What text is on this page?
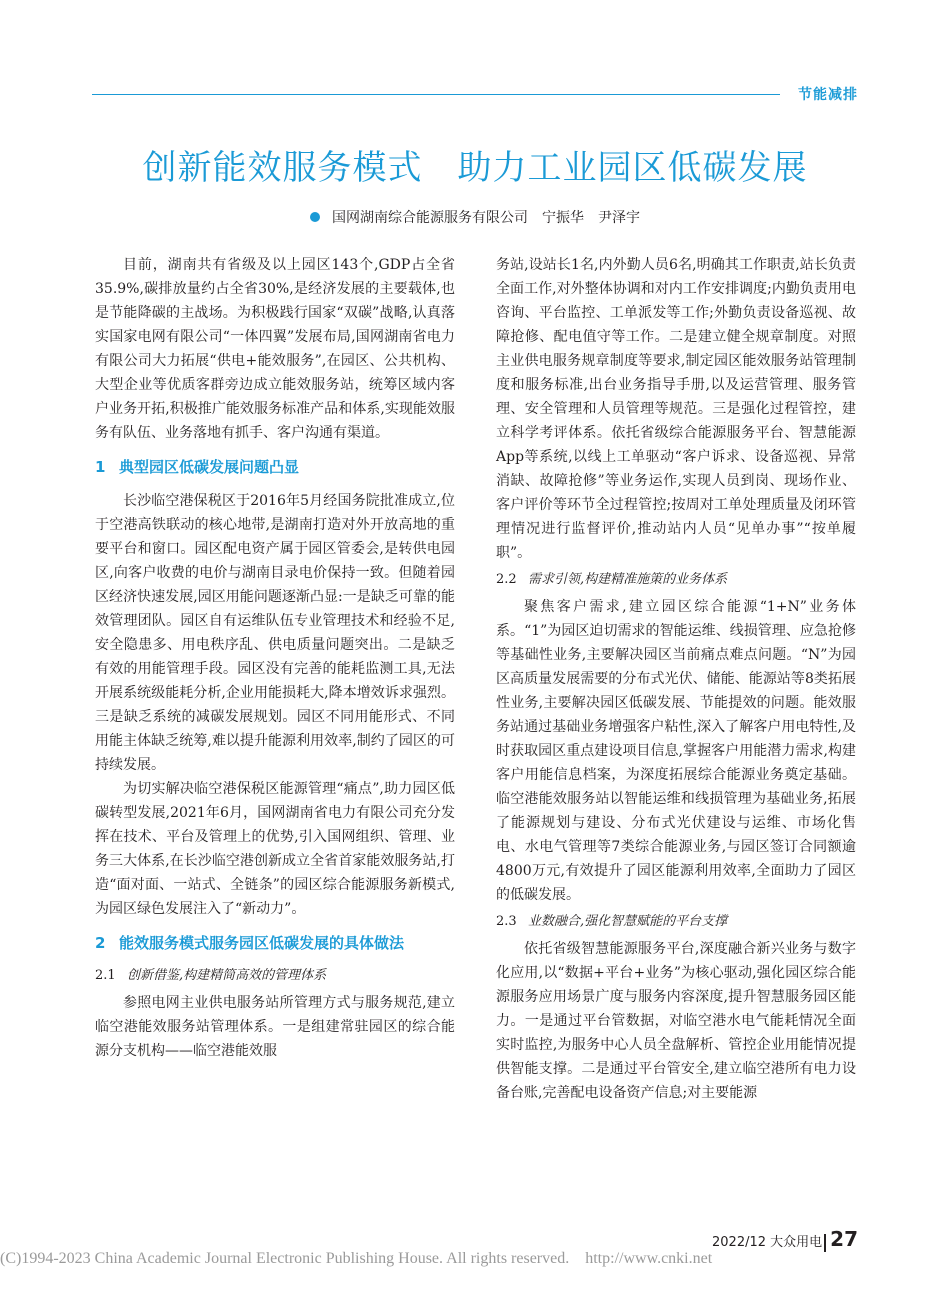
节能减排
创新能效服务模式　助力工业园区低碳发展
国网湖南综合能源服务有限公司　宁振华　尹泽宇

目前，湖南共有省级及以上园区143个,GDP占全省35.9%,碳排放量约占全省30%,是经济发展的主要载体,也是节能降碳的主战场。为积极践行国家“双碳”战略,认真落实国家电网有限公司“一体四翼”发展布局,国网湖南省电力有限公司大力拓展“供电+能效服务”,在园区、公共机构、大型企业等优质客群旁边成立能效服务站，统筹区域内客户业务开拓,积极推广能效服务标准产品和体系,实现能效服务有队伍、业务落地有抓手、客户沟通有渠道。

1 典型园区低碳发展问题凸显

长沙临空港保税区于2016年5月经国务院批准成立,位于空港高铁联动的核心地带,是湖南打造对外开放高地的重要平台和窗口。园区配电资产属于园区管委会,是转供电园区,向客户收费的电价与湖南目录电价保持一致。但随着园区经济快速发展,园区用能问题逐渐凸显:一是缺乏可靠的能效管理团队。园区自有运维队伍专业管理技术和经验不足,安全隐患多、用电秩序乱、供电质量问题突出。二是缺乏有效的用能管理手段。园区没有完善的能耗监测工具,无法开展系统级能耗分析,企业用能损耗大,降本增效诉求强烈。三是缺乏系统的减碳发展规划。园区不同用能形式、不同用能主体缺乏统筹,难以提升能源利用效率,制约了园区的可持续发展。

为切实解决临空港保税区能源管理“痛点”,助力园区低碳转型发展,2021年6月，国网湖南省电力有限公司充分发挥在技术、平台及管理上的优势,引入国网组织、管理、业务三大体系,在长沙临空港创新成立全省首家能效服务站,打造“面对面、一站式、全链条”的园区综合能源服务新模式,为园区绿色发展注入了“新动力”。

2 能效服务模式服务园区低碳发展的具体做法
2.1 创新借鉴,构建精简高效的管理体系

参照电网主业供电服务站所管理方式与服务规范,建立临空港能效服务站管理体系。一是组建常驻园区的综合能源分支机构——临空港能效服

务站,设站长1名,内外勤人员6名,明确其工作职责,站长负责全面工作,对外整体协调和对内工作安排调度;内勤负责用电咨询、平台监控、工单派发等工作;外勤负责设备巡视、故障抢修、配电值守等工作。二是建立健全规章制度。对照主业供电服务规章制度等要求,制定园区能效服务站管理制度和服务标准,出台业务指导手册,以及运营管理、服务管理、安全管理和人员管理等规范。三是强化过程管控，建立科学考评体系。依托省级综合能源服务平台、智慧能源App等系统,以线上工单驱动“客户诉求、设备巡视、异常消缺、故障抢修”等业务运作,实现人员到岗、现场作业、客户评价等环节全过程管控;按周对工单处理质量及闭环管理情况进行监督评价,推动站内人员“见单办事”“按单履职”。

2.2 需求引领,构建精准施策的业务体系

聚焦客户需求,建立园区综合能源“1+N”业务体系。“1”为园区迫切需求的智能运维、线损管理、应急抢修等基础性业务,主要解决园区当前痛点难点问题。“N”为园区高质量发展需要的分布式光伏、储能、能源站等8类拓展性业务,主要解决园区低碳发展、节能提效的问题。能效服务站通过基础业务增强客户粘性,深入了解客户用电特性,及时获取园区重点建设项目信息,掌握客户用能潜力需求,构建客户用能信息档案，为深度拓展综合能源业务奠定基础。临空港能效服务站以智能运维和线损管理为基础业务,拓展了能源规划与建设、分布式光伏建设与运维、市场化售电、水电气管理等7类综合能源业务,与园区签订合同额逾4800万元,有效提升了园区能源利用效率,全面助力了园区的低碳发展。

2.3 业数融合,强化智慧赋能的平台支撑

依托省级智慧能源服务平台,深度融合新兴业务与数字化应用,以“数据+平台+业务”为核心驱动,强化园区综合能源服务应用场景广度与服务内容深度,提升智慧服务园区能力。一是通过平台管数据，对临空港水电气能耗情况全面实时监控,为服务中心人员全盘解析、管控企业用能情况提供智能支撑。二是通过平台管安全,建立临空港所有电力设备台账,完善配电设备资产信息;对主要能源

2022/12 大众用电 27
(C)1994-2023 China Academic Journal Electronic Publishing House. All rights reserved.    http://www.cnki.net
